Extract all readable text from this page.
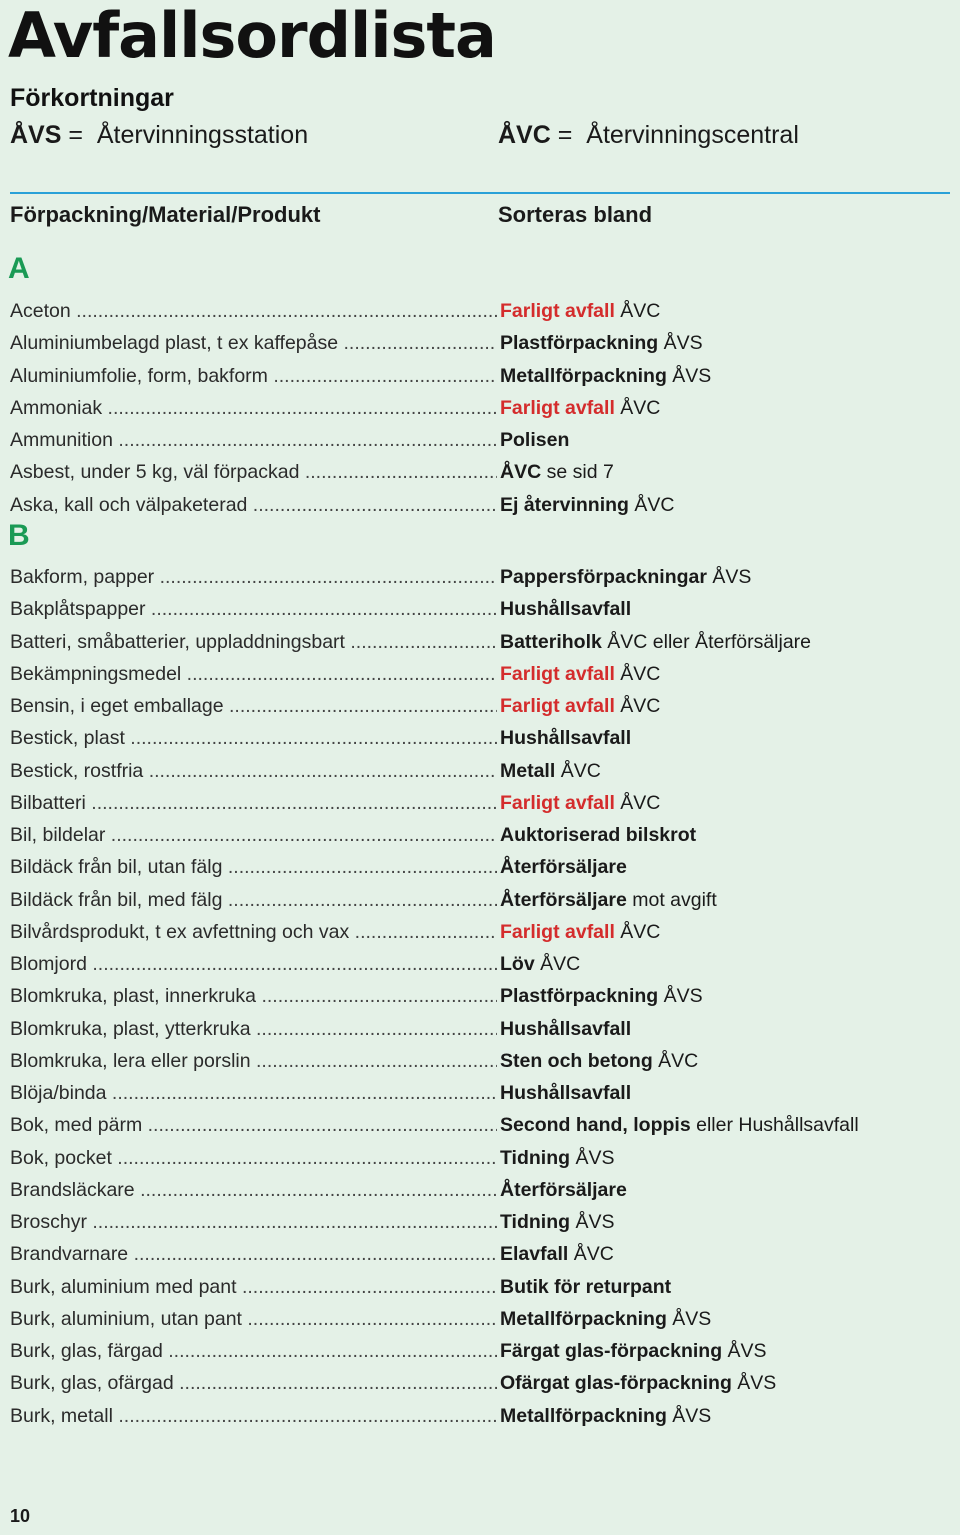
Avfallsordlista
Förkortningar
ÅVS = Återvinningsstation	ÅVC = Återvinningscentral
Förpackning/Material/Produkt	Sorteras bland
A
Aceton .....	Farligt avfall ÅVC
Aluminiumbelagd plast, t ex kaffepåse .....	Plastförpackning ÅVS
Aluminiumfolie, form, bakform .....	Metallförpackning ÅVS
Ammoniak .....	Farligt avfall ÅVC
Ammunition .....	Polisen
Asbest, under 5 kg, väl förpackad .....	ÅVC se sid 7
Aska, kall och välpaketerad .....	Ej återvinning ÅVC
B
Bakform, papper .....	Pappersförpackningar ÅVS
Bakplåtspapper .....	Hushållsavfall
Batteri, småbatterier, uppladdningsbart .....	Batteriholk ÅVC eller Återförsäljare
Bekämpningsmedel .....	Farligt avfall ÅVC
Bensin, i eget emballage .....	Farligt avfall ÅVC
Bestick, plast .....	Hushållsavfall
Bestick, rostfria .....	Metall ÅVC
Bilbatteri .....	Farligt avfall ÅVC
Bil, bildelar .....	Auktoriserad bilskrot
Bildäck från bil, utan fälg .....	Återförsäljare
Bildäck från bil, med fälg .....	Återförsäljare mot avgift
Bilvårdsprodukt, t ex avfettning och vax .....	Farligt avfall ÅVC
Blomjord .....	Löv ÅVC
Blomkruka, plast, innerkruka .....	Plastförpackning ÅVS
Blomkruka, plast, ytterkruka .....	Hushållsavfall
Blomkruka, lera eller porslin .....	Sten och betong ÅVC
Blöja/binda .....	Hushållsavfall
Bok, med pärm .....	Second hand, loppis eller Hushållsavfall
Bok, pocket .....	Tidning ÅVS
Brandsläckare .....	Återförsäljare
Broschyr .....	Tidning ÅVS
Brandvarnare .....	Elavfall ÅVC
Burk, aluminium med pant .....	Butik för returpant
Burk, aluminium, utan pant .....	Metallförpackning ÅVS
Burk, glas, färgad .....	Färgat glas-förpackning ÅVS
Burk, glas, ofärgad .....	Ofärgat glas-förpackning ÅVS
Burk, metall .....	Metallförpackning ÅVS
10
